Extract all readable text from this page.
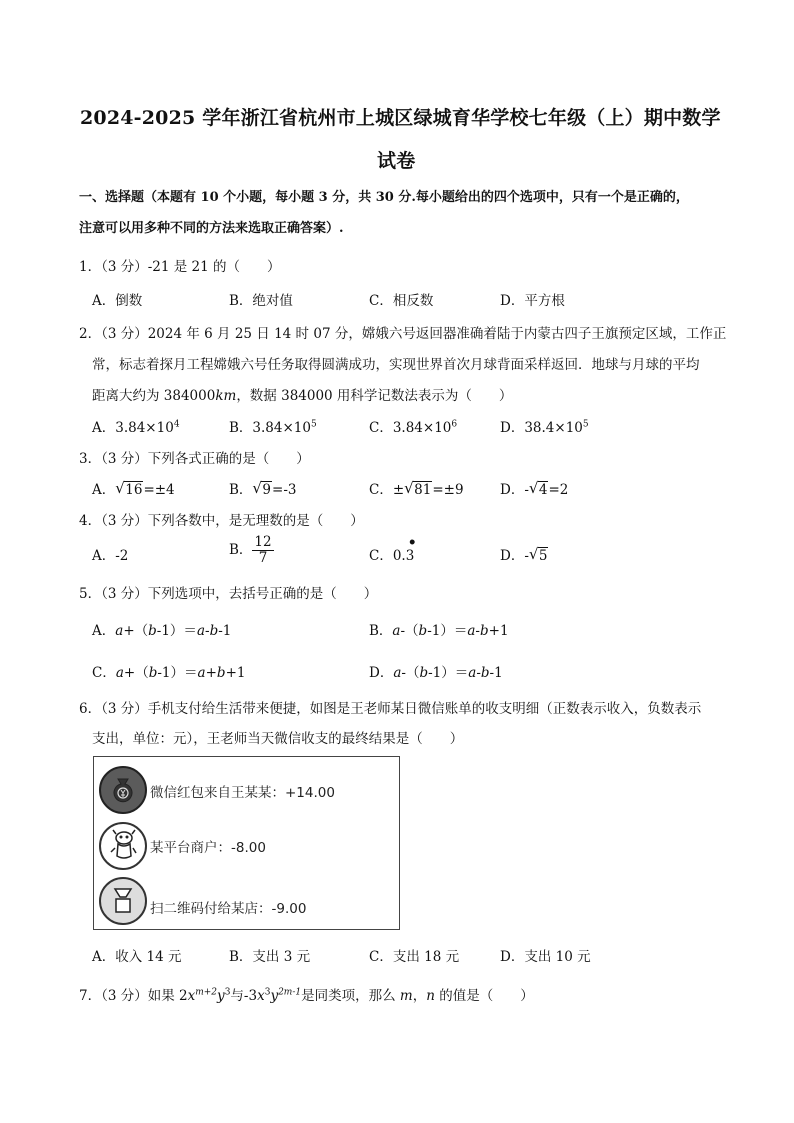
2024-2025 学年浙江省杭州市上城区绿城育华学校七年级（上）期中数学
试卷
一、选择题（本题有 10 个小题，每小题 3 分，共 30 分.每小题给出的四个选项中，只有一个是正确的，
注意可以用多种不同的方法来选取正确答案）.
1．（3 分）-21 是 21 的（　　）
A．倒数	B．绝对值	C．相反数	D．平方根
2．（3 分）2024 年 6 月 25 日 14 时 07 分，嫦娥六号返回器准确着陆于内蒙古四子王旗预定区域，工作正
常，标志着探月工程嫦娥六号任务取得圆满成功，实现世界首次月球背面采样返回．地球与月球的平均
距离大约为 384000km，数据 384000 用科学记数法表示为（　　）
A．$3.84\times 10^4$	B．$3.84\times 10^5$	C．$3.84\times 10^6$	D．$38.4\times 10^5$
3．（3 分）下列各式正确的是（　　）
A． √ 16=±4	B． √ 9=-3	C．± √ 81=±9	D．- √ 4=2
4．（3 分）下列各数中，是无理数的是（　　）
A．-2	B． $\frac{12}{7}$	C．0.
•
3	D．- √ 5
5．（3 分）下列选项中，去括号正确的是（　　）
A．a+（b-1）＝a-b-1	B．a-（b-1）＝a-b+1
C．a+（b-1）＝a+b+1	D．a-（b-1）＝a-b-1
6．（3 分）手机支付给生活带来便捷，如图是王老师某日微信账单的收支明细（正数表示收入，负数表示
支出，单位：元），王老师当天微信收支的最终结果是（　　）
微信红包来自王某某：+14.00
某平台商户：-8.00
扫二维码付给某店：-9.00
A．收入 14 元	B．支出 3 元	C．支出 18 元	D．支出 10 元
7．（3 分）如果 $2x^{m+2}y^3$与$-3x^3y^{2m-1}$是同类项，那么 m，n 的值是（　　）
